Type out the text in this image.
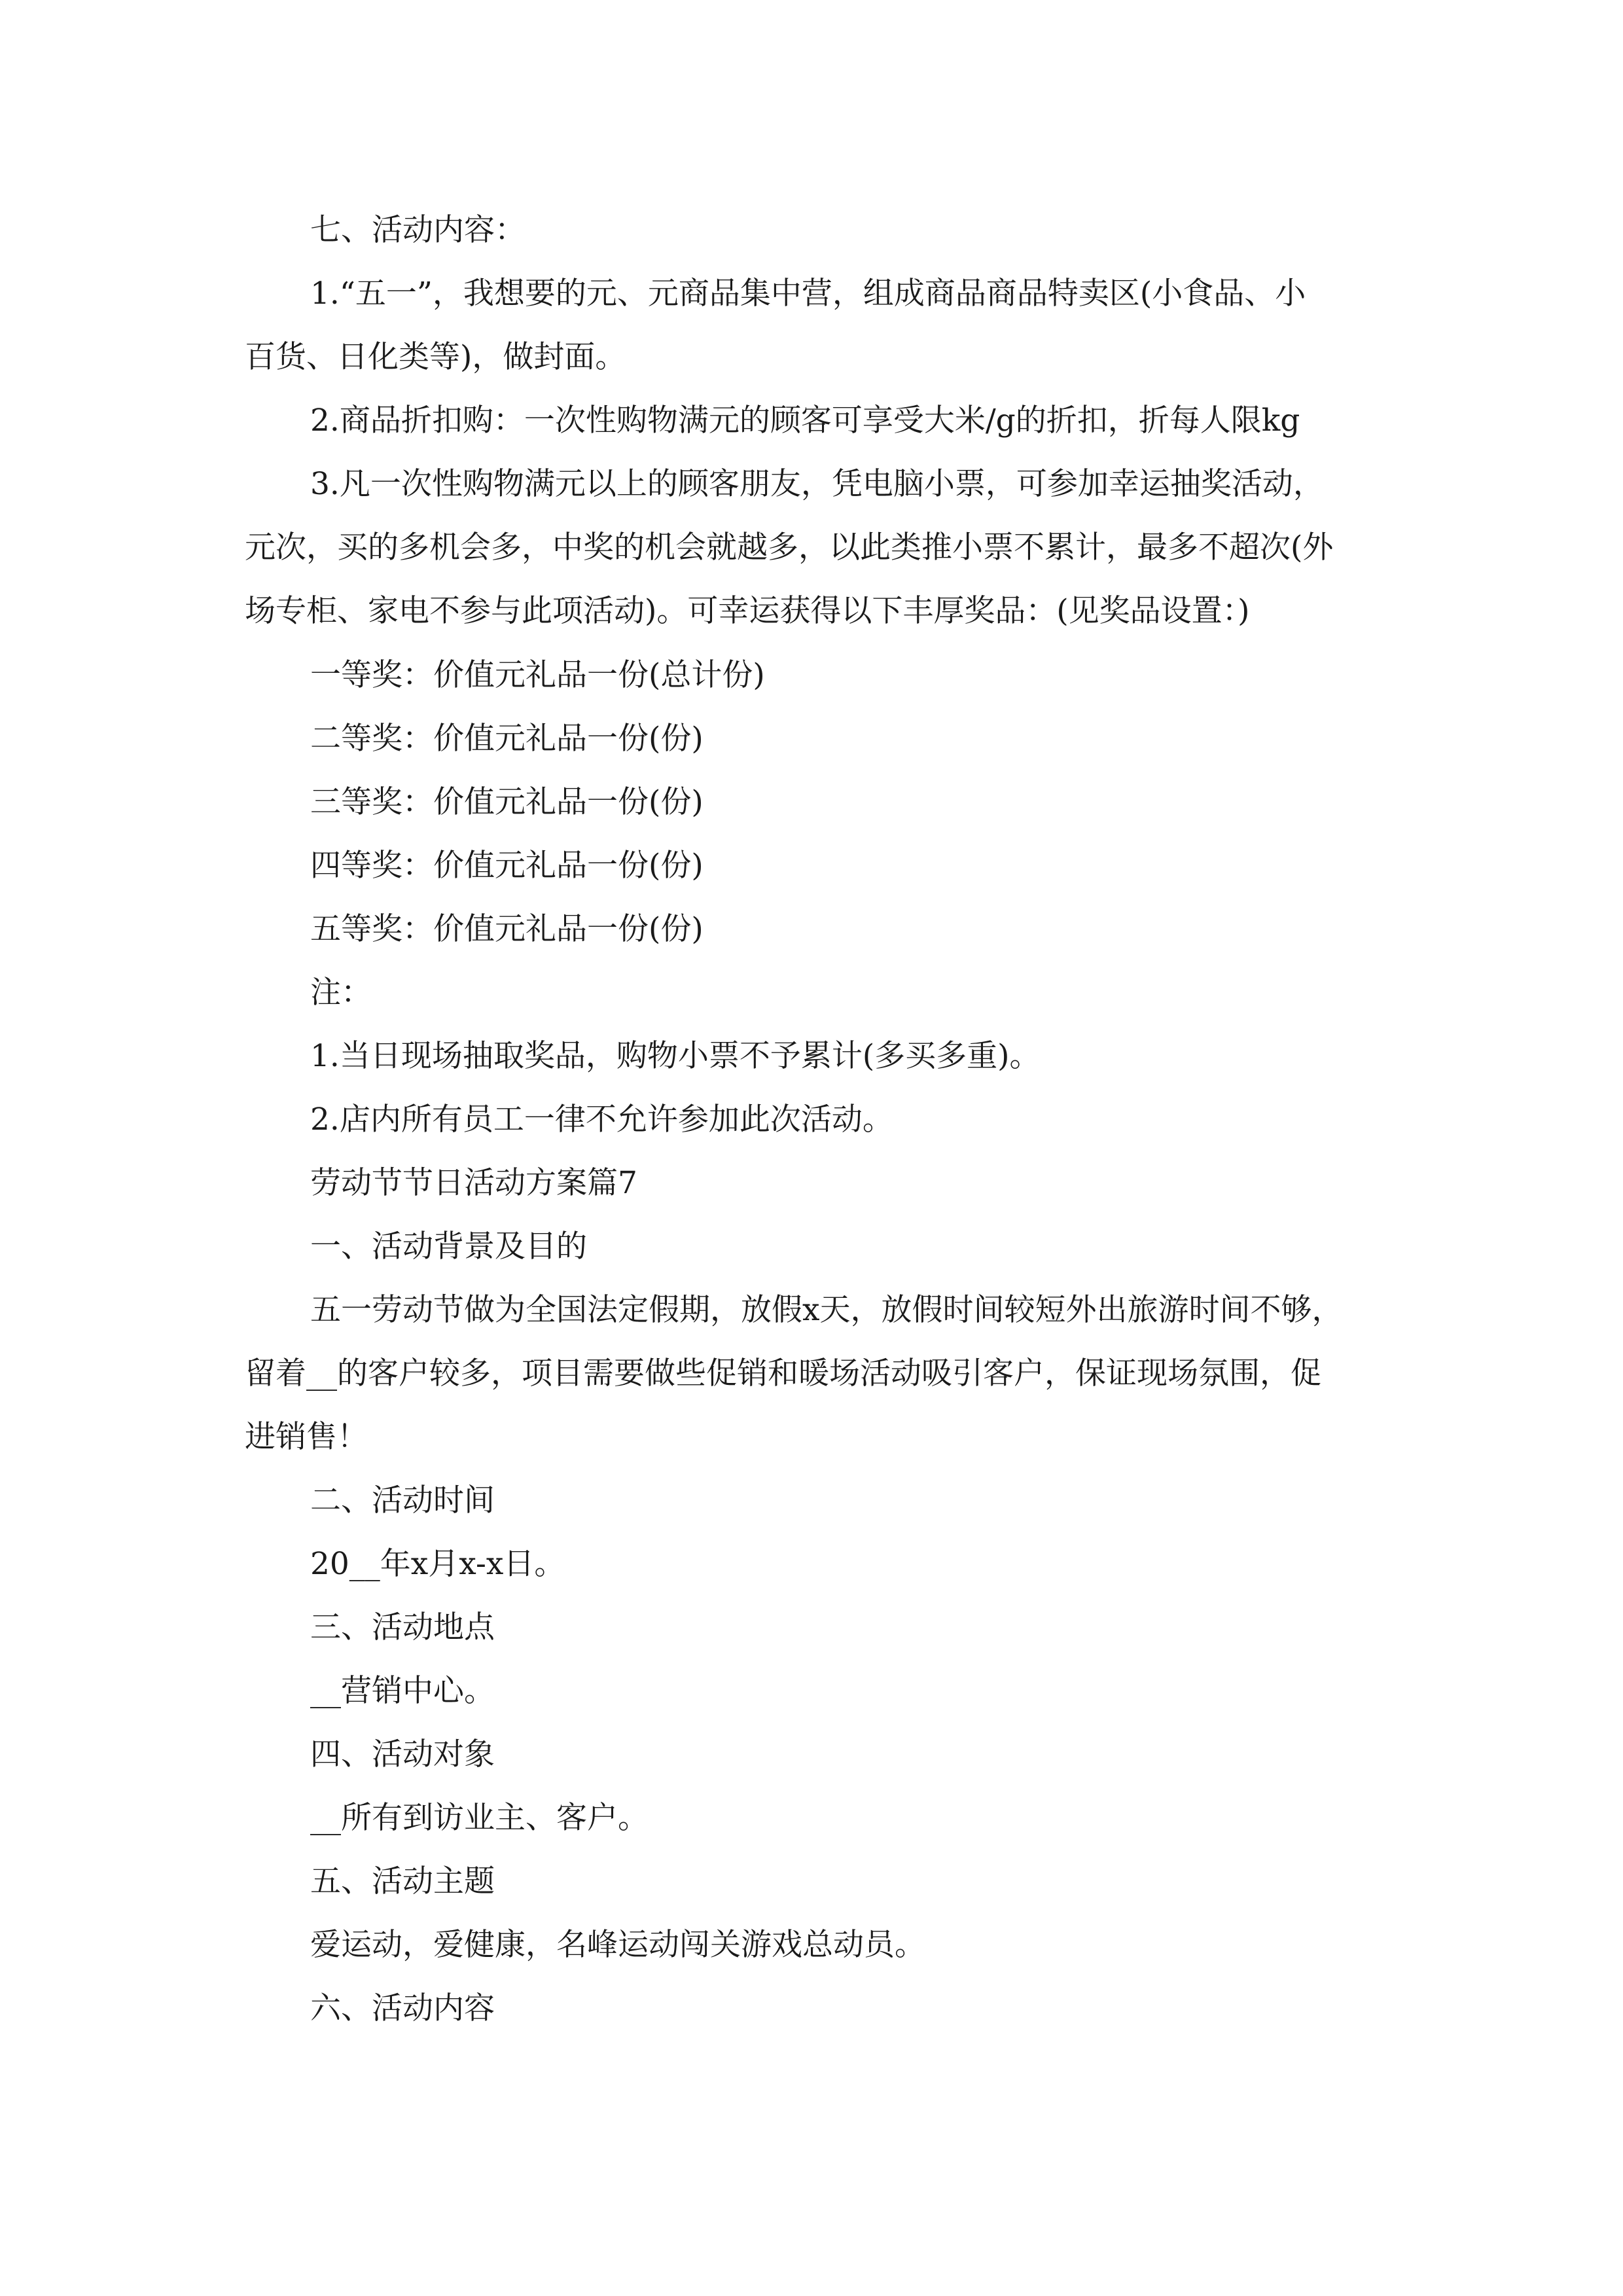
七、活动内容：
1.“五一”，我想要的元、元商品集中营，组成商品商品特卖区(小食品、小
百货、日化类等)，做封面。
2.商品折扣购：一次性购物满元的顾客可享受大米/g的折扣，折每人限kg
3.凡一次性购物满元以上的顾客朋友，凭电脑小票，可参加幸运抽奖活动，
元次，买的多机会多，中奖的机会就越多，以此类推小票不累计，最多不超次(外
场专柜、家电不参与此项活动)。可幸运获得以下丰厚奖品：(见奖品设置：)
一等奖：价值元礼品一份(总计份)
二等奖：价值元礼品一份(份)
三等奖：价值元礼品一份(份)
四等奖：价值元礼品一份(份)
五等奖：价值元礼品一份(份)
注：
1.当日现场抽取奖品，购物小票不予累计(多买多重)。
2.店内所有员工一律不允许参加此次活动。
劳动节节日活动方案篇7
一、活动背景及目的
五一劳动节做为全国法定假期，放假x天，放假时间较短外出旅游时间不够，
留着__的客户较多，项目需要做些促销和暖场活动吸引客户，保证现场氛围，促
进销售！
二、活动时间
20__年x月x-x日。
三、活动地点
__营销中心。
四、活动对象
__所有到访业主、客户。
五、活动主题
爱运动，爱健康，名峰运动闯关游戏总动员。
六、活动内容
